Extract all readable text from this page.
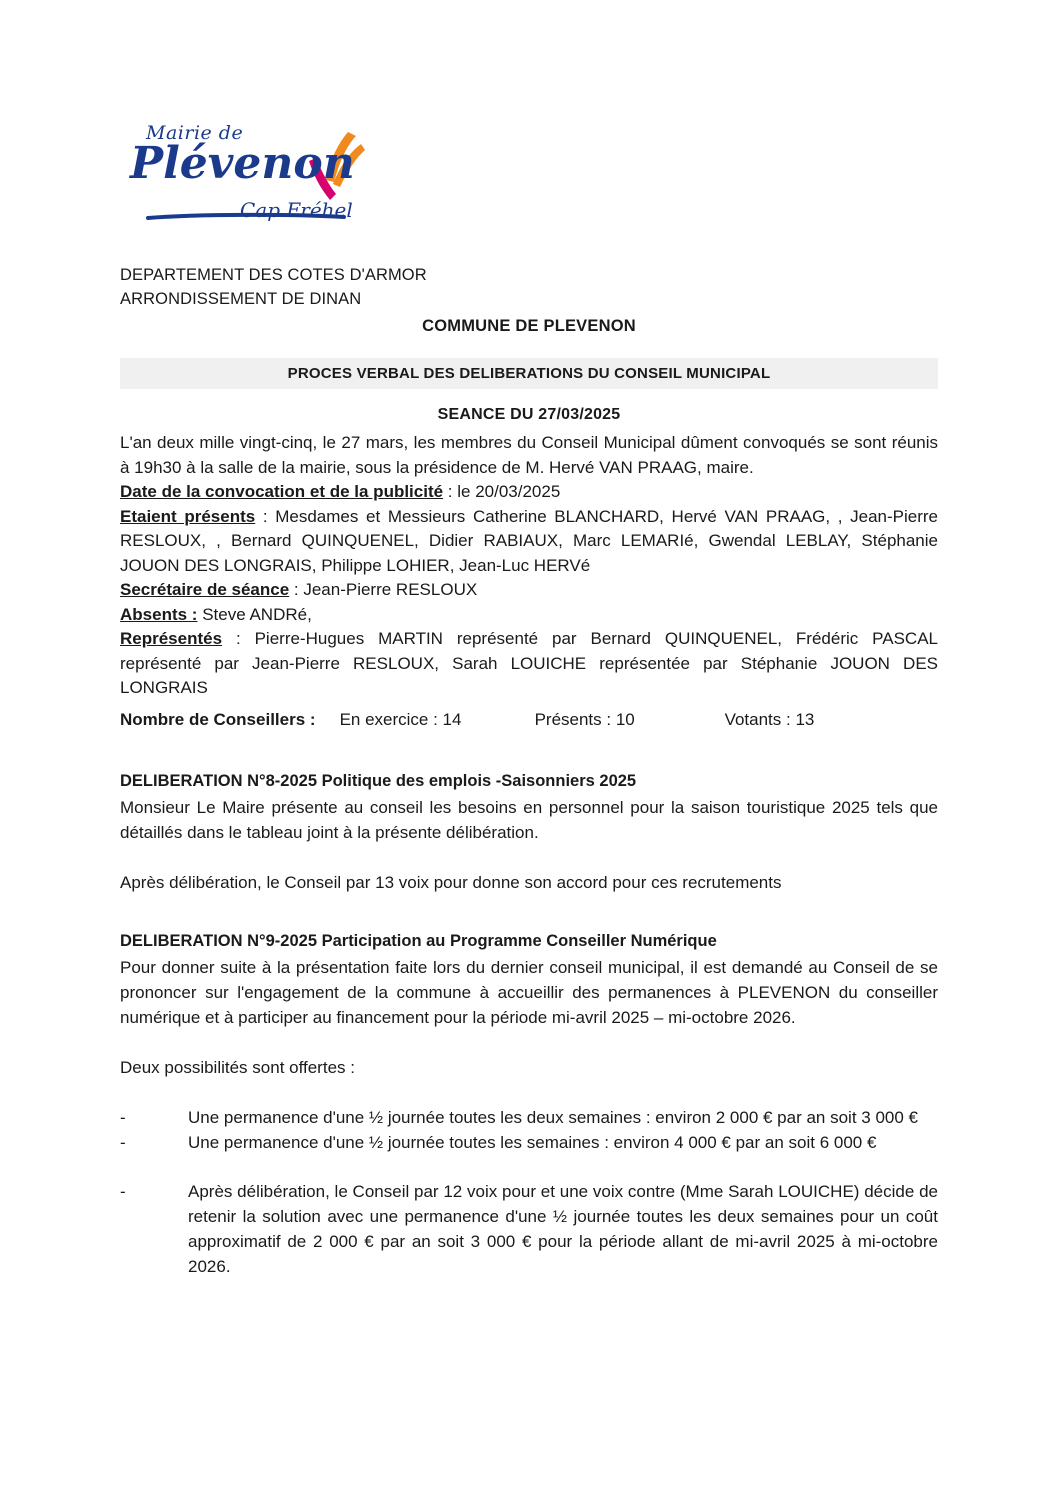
Mairie de
Plévenon
Cap Fréhel
DEPARTEMENT DES COTES D'ARMOR
ARRONDISSEMENT DE DINAN
COMMUNE DE PLEVENON
PROCES VERBAL DES DELIBERATIONS DU CONSEIL MUNICIPAL
SEANCE DU 27/03/2025

L'an deux mille vingt-cinq, le 27 mars, les membres du Conseil Municipal dûment convoqués se sont réunis à 19h30 à la salle de la mairie, sous la présidence de M. Hervé VAN PRAAG, maire.

Date de la convocation et de la publicité : le 20/03/2025

Etaient présents : Mesdames et Messieurs Catherine BLANCHARD, Hervé VAN PRAAG, , Jean-Pierre RESLOUX, , Bernard QUINQUENEL, Didier RABIAUX, Marc LEMARIé, Gwendal LEBLAY, Stéphanie JOUON DES LONGRAIS, Philippe LOHIER, Jean-Luc HERVé

Secrétaire de séance : Jean-Pierre RESLOUX

Absents : Steve ANDRé,

Représentés : Pierre-Hugues MARTIN représenté par Bernard QUINQUENEL, Frédéric PASCAL représenté par Jean-Pierre RESLOUX, Sarah LOUICHE représentée par Stéphanie JOUON DES LONGRAIS

Nombre de Conseillers : En exercice : 14	Présents : 10	Votants : 13
DELIBERATION N°8-2025 Politique des emplois -Saisonniers 2025

Monsieur Le Maire présente au conseil les besoins en personnel pour la saison touristique 2025 tels que détaillés dans le tableau joint à la présente délibération.

Après délibération, le Conseil par 13 voix pour donne son accord pour ces recrutements

DELIBERATION N°9-2025 Participation au Programme Conseiller Numérique

Pour donner suite à la présentation faite lors du dernier conseil municipal, il est demandé au Conseil de se prononcer sur l'engagement de la commune à accueillir des permanences à PLEVENON du conseiller numérique et à participer au financement pour la période mi-avril 2025 – mi-octobre 2026.

Deux possibilités sont offertes :

-	Une permanence d'une ½ journée toutes les deux semaines : environ 2 000 € par an soit 3 000 €
-	Une permanence d'une ½ journée toutes les semaines : environ 4 000 € par an soit 6 000 €
-	Après délibération, le Conseil par 12 voix pour et une voix contre (Mme Sarah LOUICHE) décide de retenir la solution avec une permanence d'une ½ journée toutes les deux semaines pour un coût approximatif de 2 000 € par an soit 3 000 € pour la période allant de mi-avril 2025 à mi-octobre 2026.
